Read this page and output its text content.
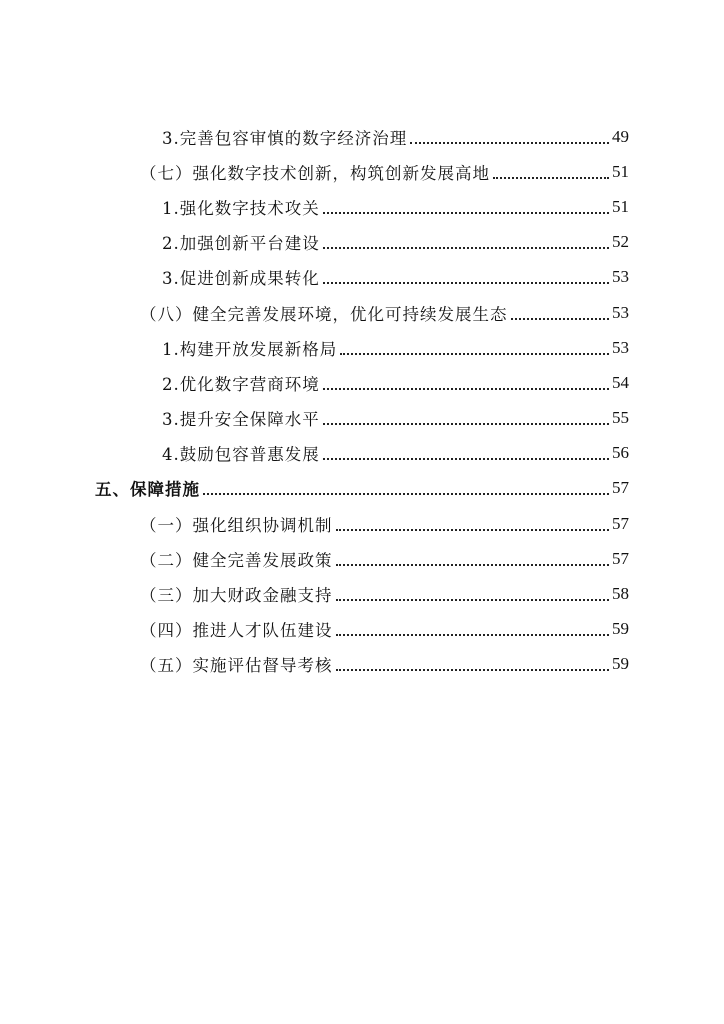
3.完善包容审慎的数字经济治理	49
（七）强化数字技术创新，构筑创新发展高地	51
1.强化数字技术攻关	51
2.加强创新平台建设	52
3.促进创新成果转化	53
（八）健全完善发展环境，优化可持续发展生态	53
1.构建开放发展新格局	53
2.优化数字营商环境	54
3.提升安全保障水平	55
4.鼓励包容普惠发展	56
五、保障措施	57
（一）强化组织协调机制	57
（二）健全完善发展政策	57
（三）加大财政金融支持	58
（四）推进人才队伍建设	59
（五）实施评估督导考核	59
